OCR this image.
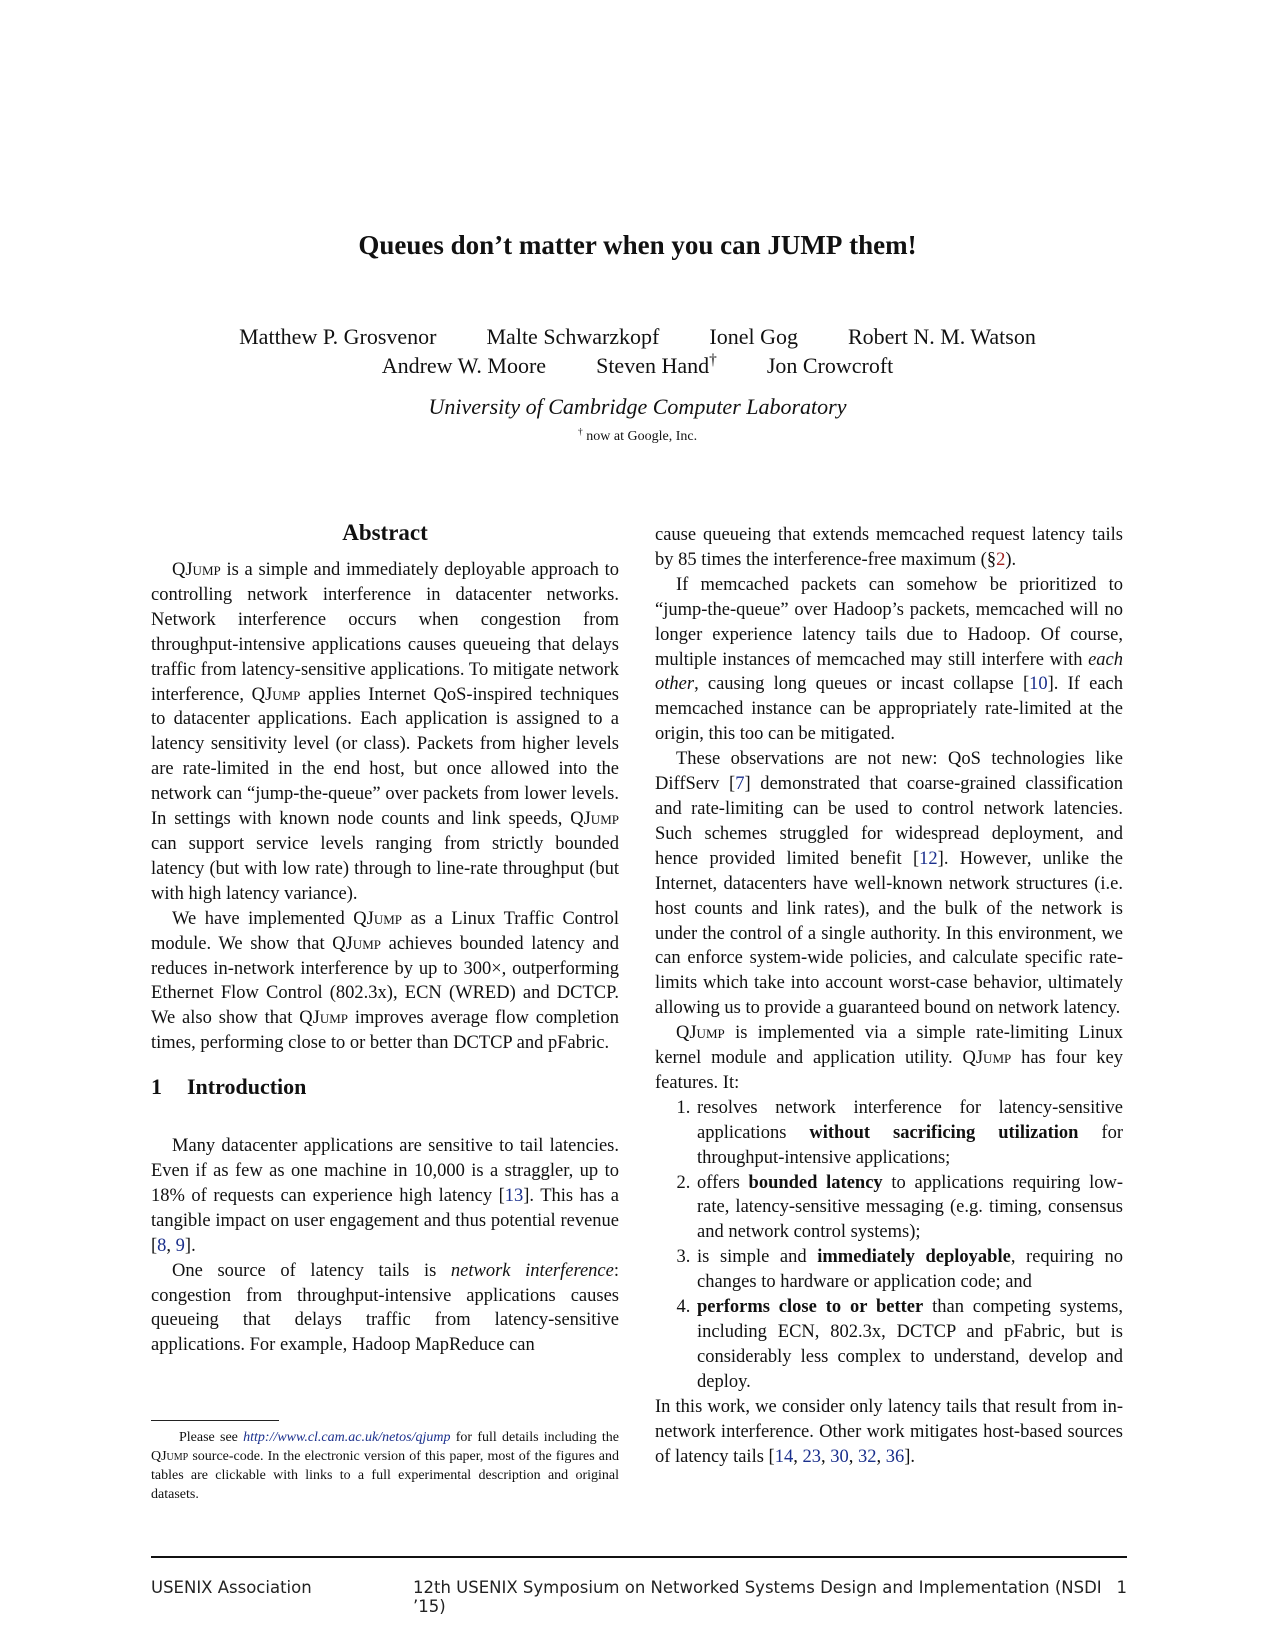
Queues don’t matter when you can JUMP them!
Matthew P. Grosvenor Malte Schwarzkopf Ionel Gog Robert N. M. Watson
Andrew W. Moore Steven Hand† Jon Crowcroft
University of Cambridge Computer Laboratory
† now at Google, Inc.
Abstract

QJump is a simple and immediately deployable approach to controlling network interference in datacenter networks. Network interference occurs when congestion from throughput-intensive applications causes queueing that delays traffic from latency-sensitive applications. To mitigate network interference, QJump applies Internet QoS-inspired techniques to datacenter applications. Each application is assigned to a latency sensitivity level (or class). Packets from higher levels are rate-limited in the end host, but once allowed into the network can “jump-the-queue” over packets from lower levels. In settings with known node counts and link speeds, QJump can support service levels ranging from strictly bounded latency (but with low rate) through to line-rate throughput (but with high latency variance).

We have implemented QJump as a Linux Traffic Control module. We show that QJump achieves bounded latency and reduces in-network interference by up to 300×, outperforming Ethernet Flow Control (802.3x), ECN (WRED) and DCTCP. We also show that QJump improves average flow completion times, performing close to or better than DCTCP and pFabric.

1 Introduction

Many datacenter applications are sensitive to tail latencies. Even if as few as one machine in 10,000 is a straggler, up to 18% of requests can experience high latency [13]. This has a tangible impact on user engagement and thus potential revenue [8, 9].

One source of latency tails is network interference: congestion from throughput-intensive applications causes queueing that delays traffic from latency-sensitive applications. For example, Hadoop MapReduce can

Please see http://www.cl.cam.ac.uk/netos/qjump for full details including the QJump source-code. In the electronic version of this paper, most of the figures and tables are clickable with links to a full experimental description and original datasets.

cause queueing that extends memcached request latency tails by 85 times the interference-free maximum (§2).

If memcached packets can somehow be prioritized to “jump-the-queue” over Hadoop’s packets, memcached will no longer experience latency tails due to Hadoop. Of course, multiple instances of memcached may still interfere with each other, causing long queues or incast collapse [10]. If each memcached instance can be appropriately rate-limited at the origin, this too can be mitigated.

These observations are not new: QoS technologies like DiffServ [7] demonstrated that coarse-grained classification and rate-limiting can be used to control network latencies. Such schemes struggled for widespread deployment, and hence provided limited benefit [12]. However, unlike the Internet, datacenters have well-known network structures (i.e. host counts and link rates), and the bulk of the network is under the control of a single authority. In this environment, we can enforce system-wide policies, and calculate specific rate-limits which take into account worst-case behavior, ultimately allowing us to provide a guaranteed bound on network latency.

QJump is implemented via a simple rate-limiting Linux kernel module and application utility. QJump has four key features. It:

1. resolves network interference for latency-sensitive applications without sacrificing utilization for throughput-intensive applications;
2. offers bounded latency to applications requiring low-rate, latency-sensitive messaging (e.g. timing, consensus and network control systems);
3. is simple and immediately deployable, requiring no changes to hardware or application code; and
4. performs close to or better than competing systems, including ECN, 802.3x, DCTCP and pFabric, but is considerably less complex to understand, develop and deploy.

In this work, we consider only latency tails that result from in-network interference. Other work mitigates host-based sources of latency tails [14, 23, 30, 32, 36].

USENIX Association	12th USENIX Symposium on Networked Systems Design and Implementation (NSDI ’15)
1
